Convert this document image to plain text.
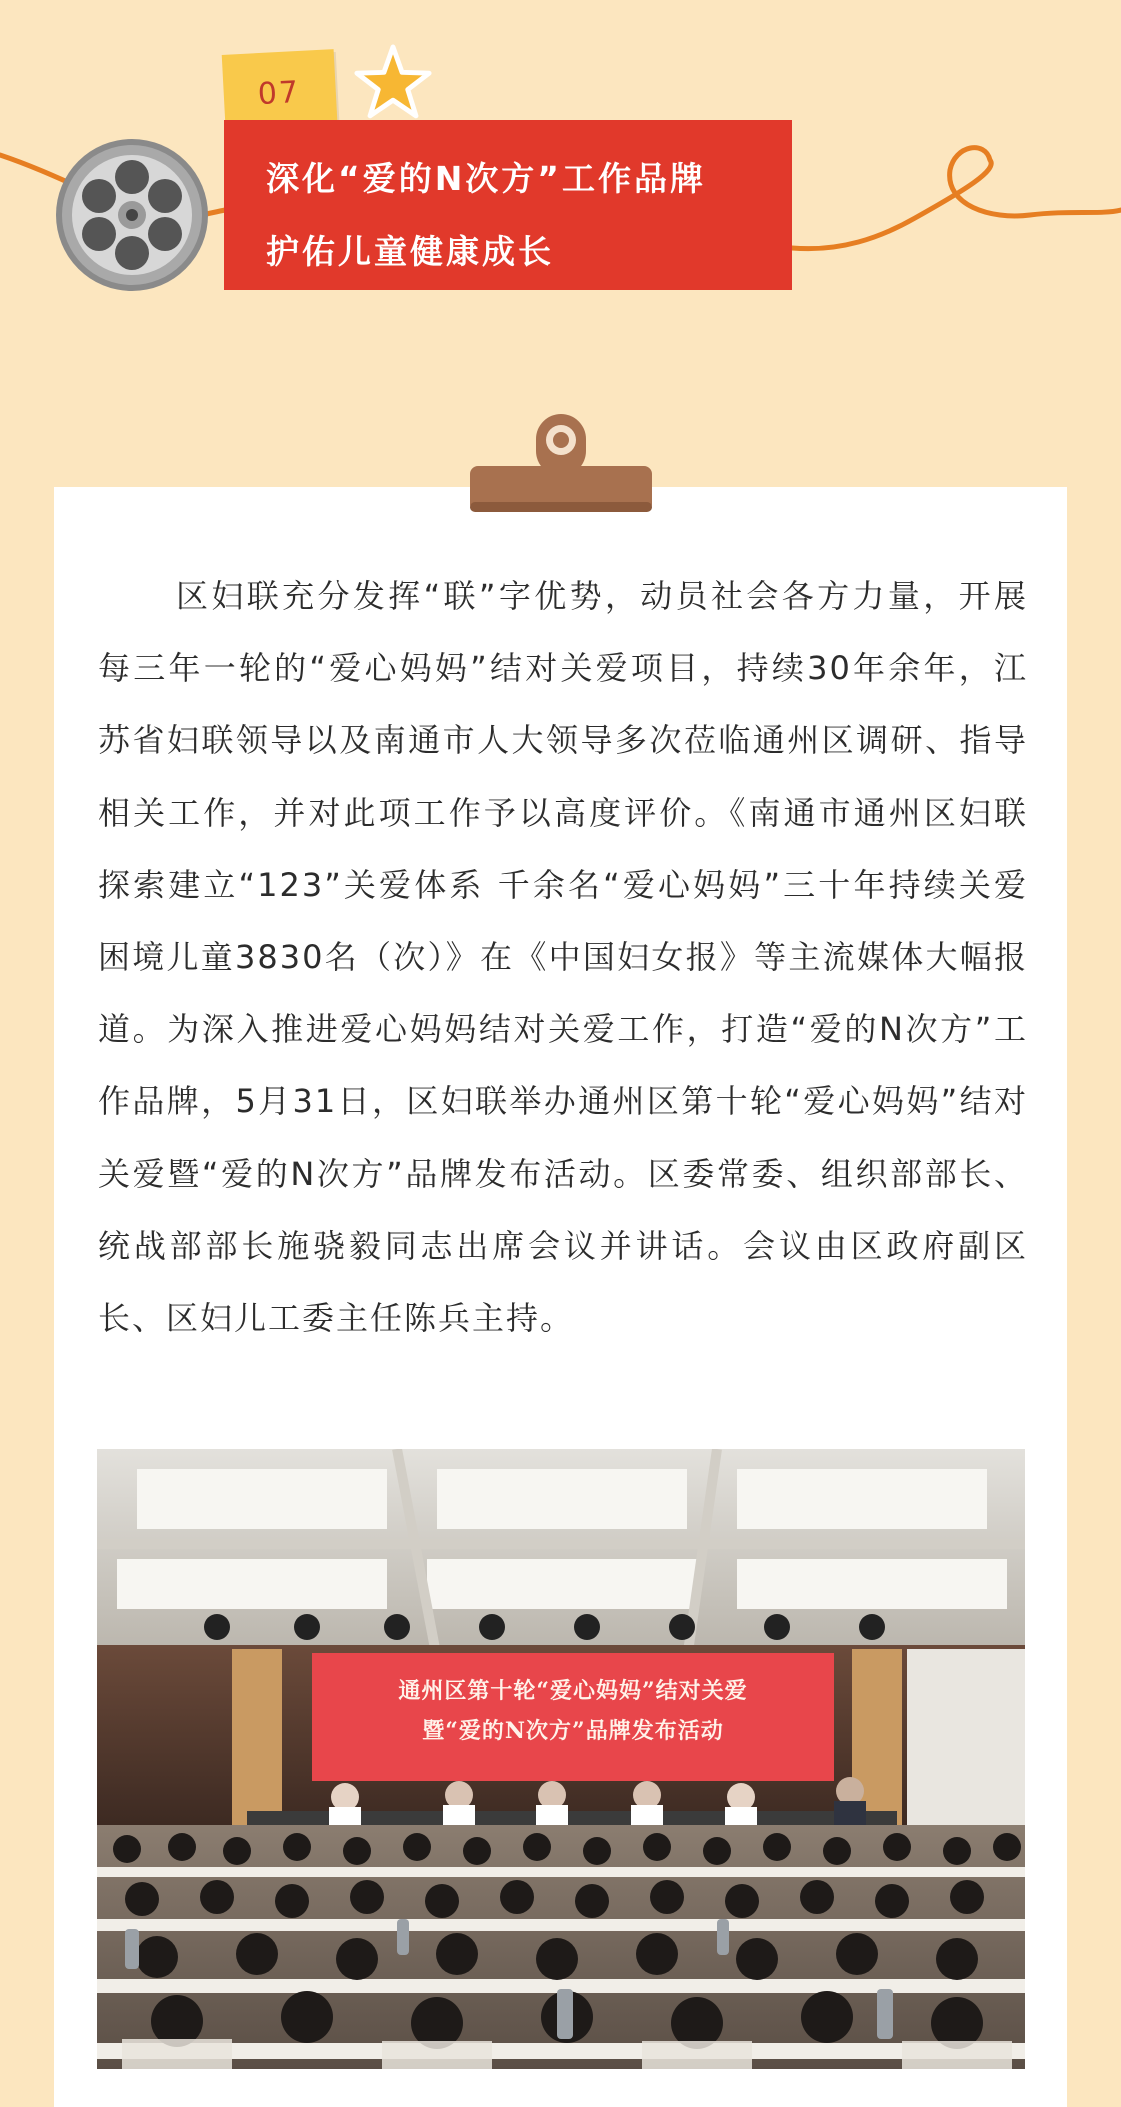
07
深化“爱的N次方”工作品牌
护佑儿童健康成长

区妇联充分发挥“联”字优势，动员社会各方力量，开展每三年一轮的“爱心妈妈”结对关爱项目，持续30年余年，江苏省妇联领导以及南通市人大领导多次莅临通州区调研、指导相关工作，并对此项工作予以高度评价。《南通市通州区妇联探索建立“123”关爱体系 千余名“爱心妈妈”三十年持续关爱困境儿童3830名（次）》在《中国妇女报》等主流媒体大幅报道。为深入推进爱心妈妈结对关爱工作，打造“爱的N次方”工作品牌，5月31日，区妇联举办通州区第十轮“爱心妈妈”结对关爱暨“爱的N次方”品牌发布活动。区委常委、组织部部长、统战部部长施骁毅同志出席会议并讲话。会议由区政府副区长、区妇儿工委主任陈兵主持。

通州区第十轮“爱心妈妈”结对关爱
暨“爱的N次方”品牌发布活动
